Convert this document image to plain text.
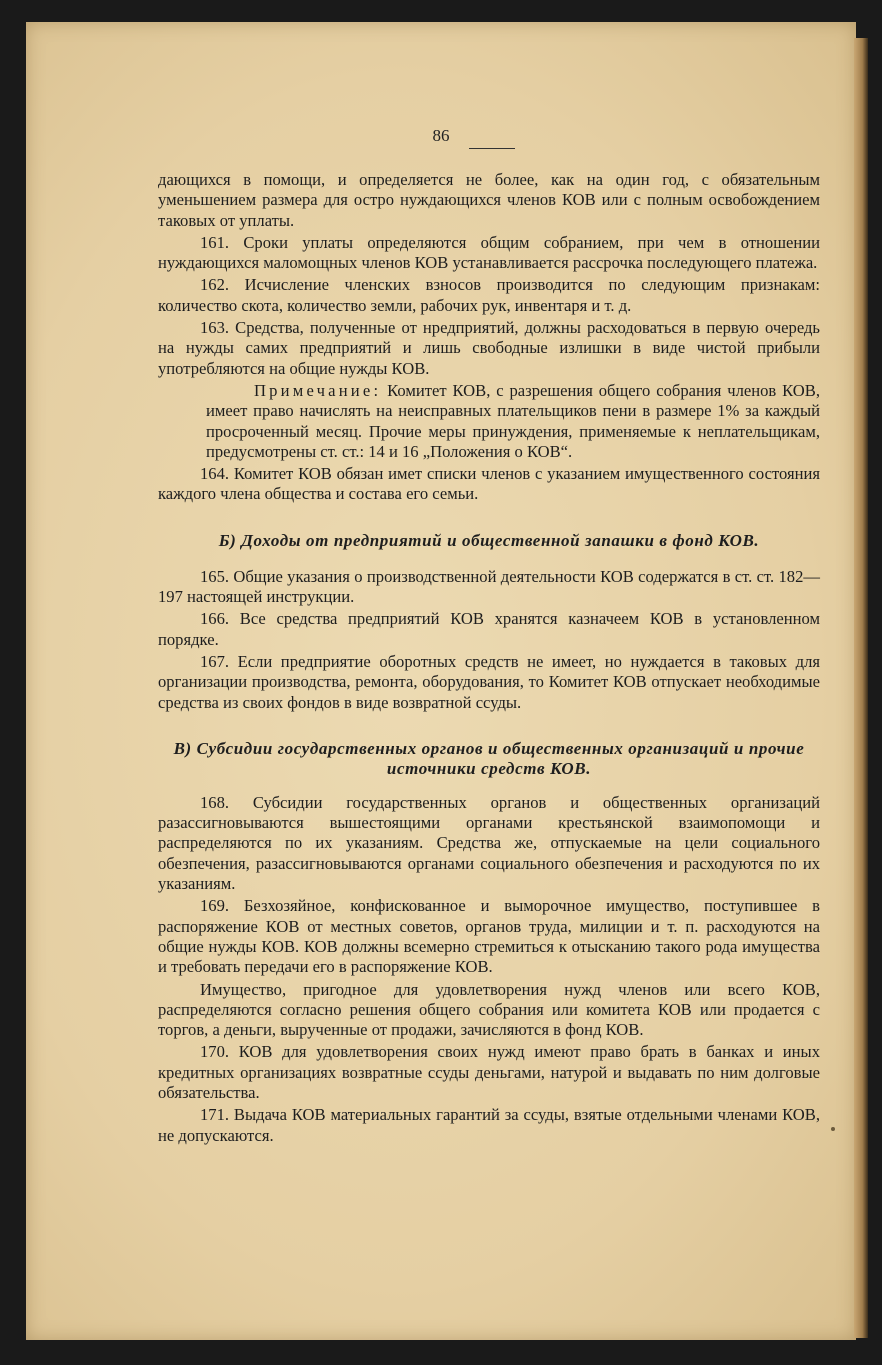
86

дающихся в помощи, и определяется не более, как на один год, с обязательным уменьшением размера для остро нуждающихся членов КОВ или с полным освобождением таковых от уплаты.

161. Сроки уплаты определяются общим собранием, при чем в отношении нуждающихся маломощных членов КОВ устанавливается рассрочка последующего платежа.

162. Исчисление членских взносов производится по следующим признакам: количество скота, количество земли, рабочих рук, инвентаря и т. д.

163. Средства, полученные от нредприятий, должны расходоваться в первую очередь на нужды самих предприятий и лишь свободные излишки в виде чистой прибыли употребляются на общие нужды КОВ.

Примечание: Комитет КОВ, с разрешения общего собрания членов КОВ, имеет право начислять на неисправных плательщиков пени в размере 1% за каждый просроченный месяц. Прочие меры принуждения, применяемые к неплательщикам, предусмотрены ст. ст.: 14 и 16 „Положения о КОВ“.

164. Комитет КОВ обязан имет списки членов с указанием имущественного состояния каждого члена общества и состава его семьи.

Б) Доходы от предприятий и общественной запашки в фонд КОВ.

165. Общие указания о производственной деятельности КОВ содержатся в ст. ст. 182—197 настоящей инструкции.

166. Все средства предприятий КОВ хранятся казначеем КОВ в установленном порядке.

167. Если предприятие оборотных средств не имеет, но нуждается в таковых для организации производства, ремонта, оборудования, то Комитет КОВ отпускает необходимые средства из своих фондов в виде возвратной ссуды.

В) Субсидии государственных органов и общественных организаций и прочие источники средств КОВ.

168. Субсидии государственных органов и общественных организаций разассигновываются вышестоящими органами крестьянской взаимопомощи и распределяются по их указаниям. Средства же, отпускаемые на цели социального обезпечения, разассигновываются органами социального обезпечения и расходуются по их указаниям.

169. Безхозяйное, конфискованное и выморочное имущество, поступившее в распоряжение КОВ от местных советов, органов труда, милиции и т. п. расходуются на общие нужды КОВ. КОВ должны всемерно стремиться к отысканию такого рода имущества и требовать передачи его в распоряжение КОВ.

Имущество, пригодное для удовлетворения нужд членов или всего КОВ, распределяются согласно решения общего собрания или комитета КОВ или продается с торгов, а деньги, вырученные от продажи, зачисляются в фонд КОВ.

170. КОВ для удовлетворения своих нужд имеют право брать в банках и иных кредитных организациях возвратные ссуды деньгами, натурой и выдавать по ним долговые обязательства.

171. Выдача КОВ материальных гарантий за ссуды, взятые отдельными членами КОВ, не допускаются.
